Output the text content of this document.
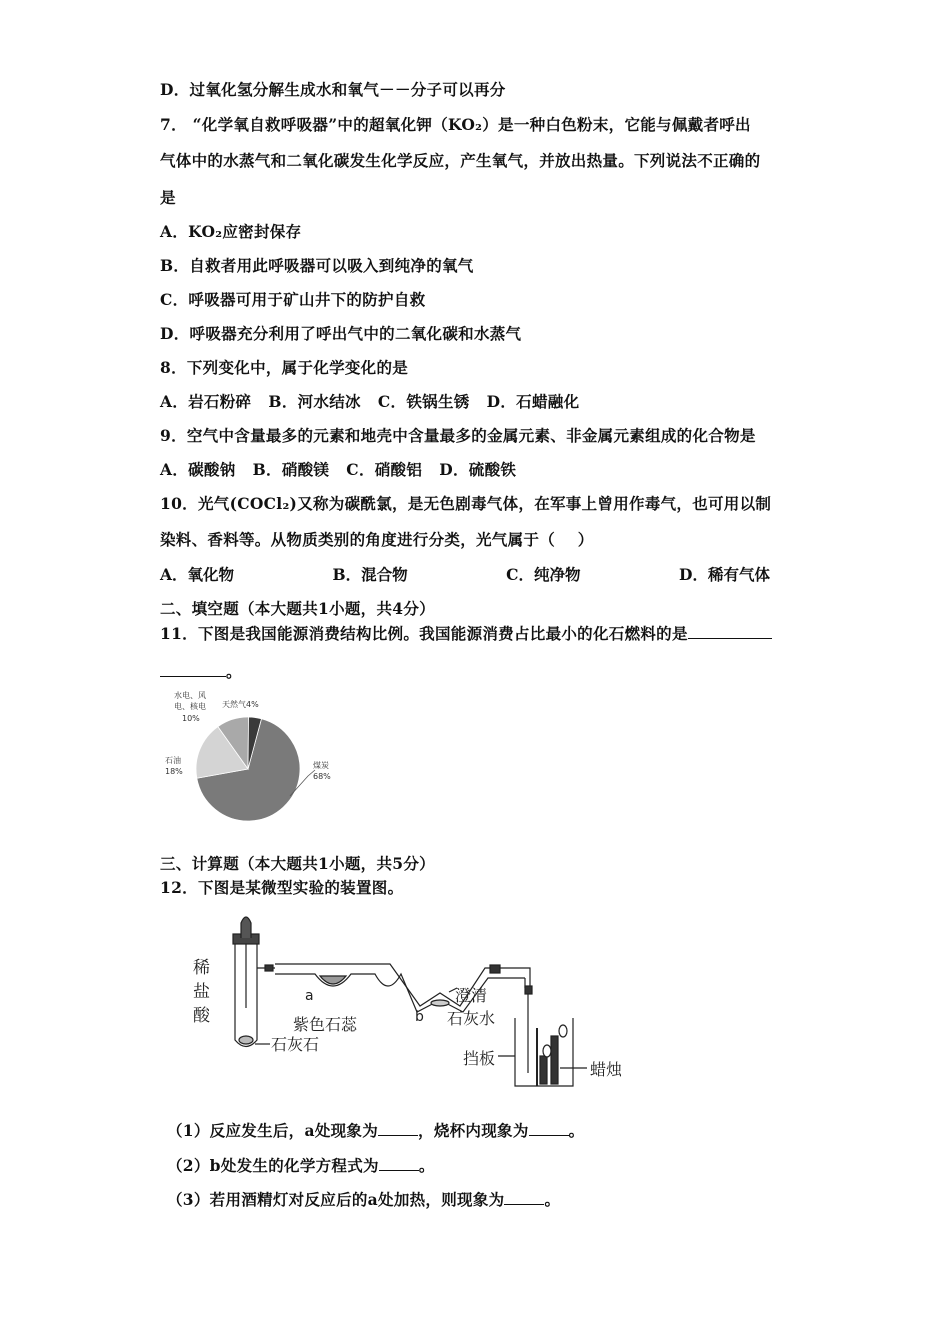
D．过氧化氢分解生成水和氧气－－分子可以再分
7． “化学氧自救呼吸器”中的超氧化钾（KO₂）是一种白色粉末，它能与佩戴者呼出
气体中的水蒸气和二氧化碳发生化学反应，产生氧气，并放出热量。下列说法不正确的
是
A．KO₂应密封保存
B．自救者用此呼吸器可以吸入到纯净的氧气
C．呼吸器可用于矿山井下的防护自救
D．呼吸器充分利用了呼出气中的二氧化碳和水蒸气
8．下列变化中，属于化学变化的是
A．岩石粉碎   B．河水结冰   C．铁锅生锈   D．石蜡融化
9．空气中含量最多的元素和地壳中含量最多的金属元素、非金属元素组成的化合物是
A．碳酸钠   B．硝酸镁   C．硝酸铝   D．硫酸铁
10．光气(COCl₂)又称为碳酰氯，是无色剧毒气体，在军事上曾用作毒气，也可用以制
染料、香料等。从物质类别的角度进行分类，光气属于（    ）
A．氧化物	B．混合物	C．纯净物	D．稀有气体
二、填空题（本大题共1小题，共4分）
11．下图是我国能源消费结构比例。我国能源消费占比最小的化石燃料的是
。
煤炭
68%
石油
18%
水电、风
电、核电
10%
天然气4%
三、计算题（本大题共1小题，共5分）
12．下图是某微型实验的装置图。
稀
盐
酸
石灰石
a
紫色石蕊	b
澄清
石灰水
挡板
蜡烛
（1）反应发生后，a处现象为	，烧杯内现象为	。
（2）b处发生的化学方程式为	。
（3）若用酒精灯对反应后的a处加热，则现象为	。
